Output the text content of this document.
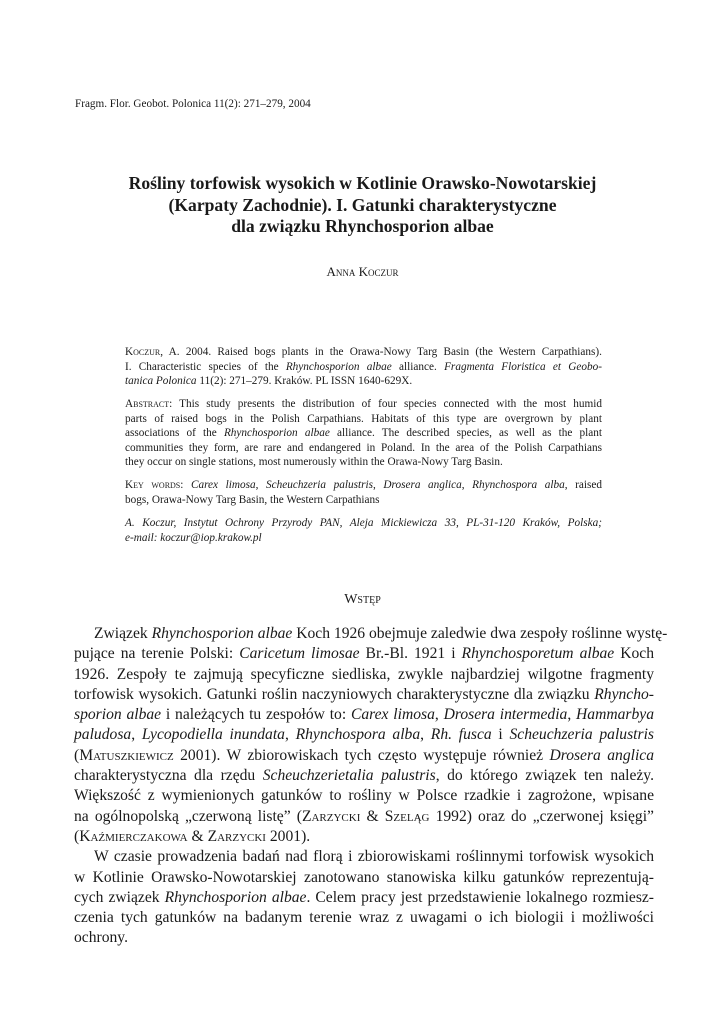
Fragm. Flor. Geobot. Polonica 11(2): 271–279, 2004
Rośliny torfowisk wysokich w Kotlinie Orawsko-Nowotarskiej
(Karpaty Zachodnie). I. Gatunki charakterystyczne
dla związku Rhynchosporion albae
Anna Koczur
Koczur, A. 2004. Raised bogs plants in the Orawa-Nowy Targ Basin (the Western Carpathians).
I. Characteristic species of the Rhynchosporion albae alliance. Fragmenta Floristica et Geobo-
tanica Polonica 11(2): 271–279. Kraków. PL ISSN 1640-629X.
Abstract: This study presents the distribution of four species connected with the most humid
parts of raised bogs in the Polish Carpathians. Habitats of this type are overgrown by plant
associations of the Rhynchosporion albae alliance. The described species, as well as the plant
communities they form, are rare and endangered in Poland. In the area of the Polish Carpathians
they occur on single stations, most numerously within the Orawa-Nowy Targ Basin.
Key words: Carex limosa, Scheuchzeria palustris, Drosera anglica, Rhynchospora alba, raised
bogs, Orawa-Nowy Targ Basin, the Western Carpathians
A. Koczur, Instytut Ochrony Przyrody PAN, Aleja Mickiewicza 33, PL-31-120 Kraków, Polska;
e-mail: koczur@iop.krakow.pl
Wstęp
Związek Rhynchosporion albae Koch 1926 obejmuje zaledwie dwa zespoły roślinne wystę-
pujące na terenie Polski: Caricetum limosae Br.-Bl. 1921 i Rhynchosporetum albae Koch
1926. Zespoły te zajmują specyficzne siedliska, zwykle najbardziej wilgotne fragmenty
torfowisk wysokich. Gatunki roślin naczyniowych charakterystyczne dla związku Rhyncho-
sporion albae i należących tu zespołów to: Carex limosa, Drosera intermedia, Hammarbya
paludosa, Lycopodiella inundata, Rhynchospora alba, Rh. fusca i Scheuchzeria palustris
(Matuszkiewicz 2001). W zbiorowiskach tych często występuje również Drosera anglica
charakterystyczna dla rzędu Scheuchzerietalia palustris, do którego związek ten należy.
Większość z wymienionych gatunków to rośliny w Polsce rzadkie i zagrożone, wpisane
na ogólnopolską „czerwoną listę” (Zarzycki & Szeląg 1992) oraz do „czerwonej księgi”
(Kaźmierczakowa & Zarzycki 2001).
W czasie prowadzenia badań nad florą i zbiorowiskami roślinnymi torfowisk wysokich
w Kotlinie Orawsko-Nowotarskiej zanotowano stanowiska kilku gatunków reprezentują-
cych związek Rhynchosporion albae. Celem pracy jest przedstawienie lokalnego rozmiesz-
czenia tych gatunków na badanym terenie wraz z uwagami o ich biologii i możliwości
ochrony.
